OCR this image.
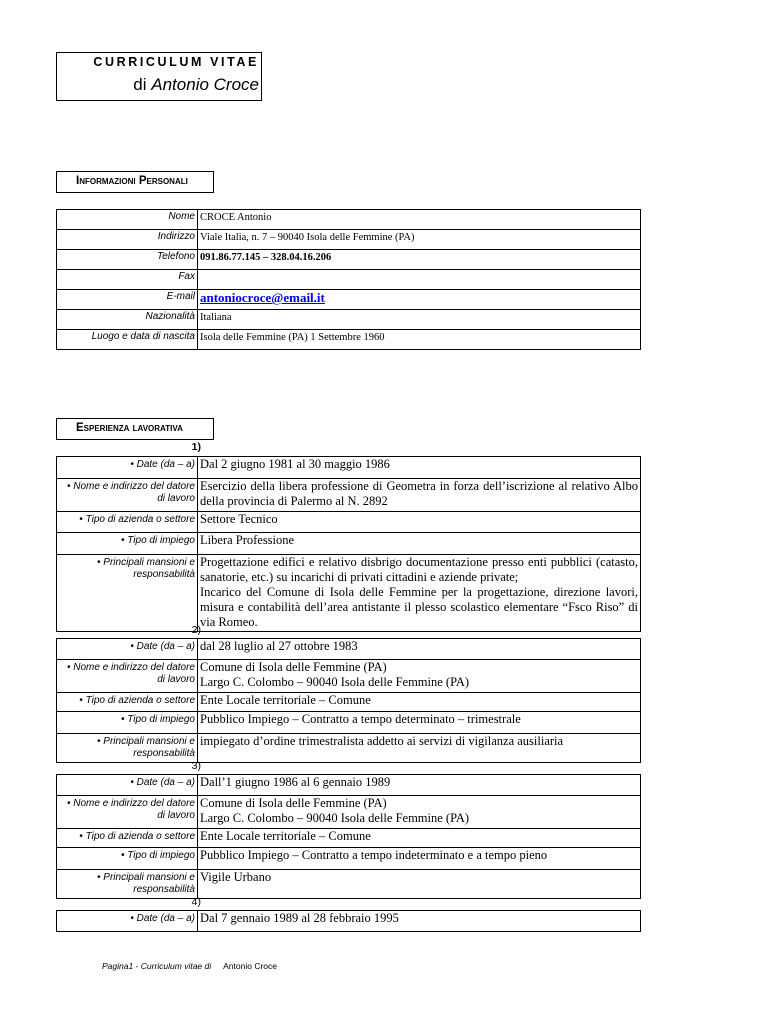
CURRICULUM VITAE
di Antonio Croce
Informazioni Personali
Nome	CROCE Antonio
Indirizzo	Viale Italia, n. 7 – 90040 Isola delle Femmine (PA)
Telefono	091.86.77.145 – 328.04.16.206
Fax	
E-mail	antoniocroce@email.it
Nazionalità	Italiana
Luogo e data di nascita	Isola delle Femmine (PA) 1 Settembre 1960
Esperienza lavorativa
1)
• Date (da – a)	Dal 2 giugno 1981 al 30 maggio 1986
• Nome e indirizzo del datore di lavoro	Esercizio della libera professione di Geometra in forza dell’iscrizione al relativo Albo della provincia di Palermo al N. 2892
• Tipo di azienda o settore	Settore Tecnico
• Tipo di impiego	Libera Professione
• Principali mansioni e responsabilità	Progettazione edifici e relativo disbrigo documentazione presso enti pubblici (catasto, sanatorie, etc.) su incarichi di privati cittadini e aziende private;
Incarico del Comune di Isola delle Femmine per la progettazione, direzione lavori, misura e contabilità dell’area antistante il plesso scolastico elementare “Fsco Riso” di via Romeo.
2)
• Date (da – a)	dal 28 luglio al 27 ottobre 1983
• Nome e indirizzo del datore di lavoro	Comune di Isola delle Femmine (PA)
Largo C. Colombo – 90040 Isola delle Femmine (PA)

• Tipo di azienda o settore	Ente Locale territoriale – Comune
• Tipo di impiego	Pubblico Impiego – Contratto a tempo determinato – trimestrale
• Principali mansioni e responsabilità	impiegato d’ordine trimestralista addetto ai servizi di vigilanza ausiliaria
3)
• Date (da – a)	Dall’1 giugno 1986 al 6 gennaio 1989
• Nome e indirizzo del datore di lavoro	Comune di Isola delle Femmine (PA)
Largo C. Colombo – 90040 Isola delle Femmine (PA)

• Tipo di azienda o settore	Ente Locale territoriale – Comune
• Tipo di impiego	Pubblico Impiego – Contratto a tempo indeterminato e a tempo pieno
• Principali mansioni e responsabilità	Vigile Urbano
4)
• Date (da – a)	Dal 7 gennaio 1989 al 28 febbraio 1995
Pagina1 - Curriculum vitae di Antonio Croce
